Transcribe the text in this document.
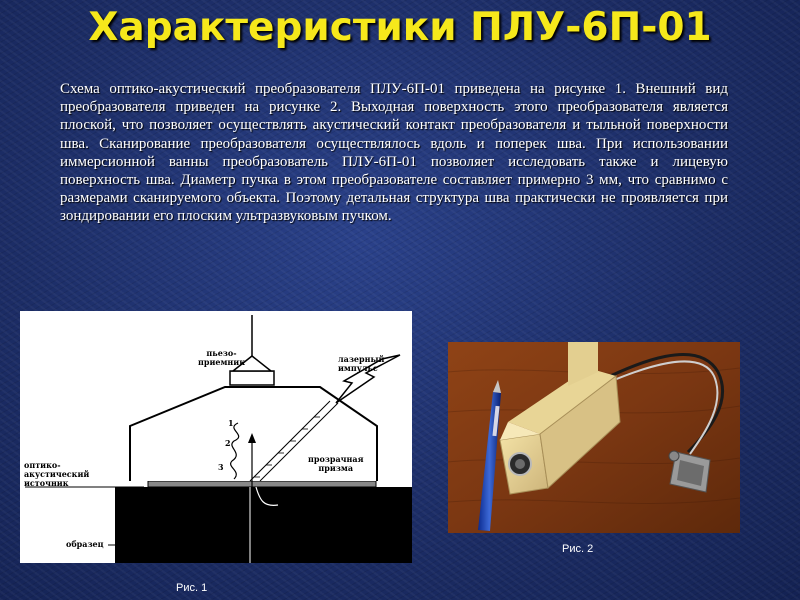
Характеристики ПЛУ-6П-01

Схема оптико-акустический преобразователя ПЛУ-6П-01 приведена на рисунке 1. Внешний вид преобразователя приведен на рисунке 2. Выходная поверхность этого преобразователя является плоской, что позволяет осуществлять акустический контакт преобразователя и тыльной поверхности шва. Сканирование преобразователя осуществлялось вдоль и поперек шва. При использовании иммерсионной ванны преобразователь ПЛУ-6П-01 позволяет исследовать также и лицевую поверхность шва. Диаметр пучка в этом преобразователе составляет примерно 3 мм, что сравнимо с размерами сканируемого объекта. Поэтому детальная структура шва практически не проявляется при зондировании его плоским ультразвуковым пучком.

пьезо-
приемник	лазерный
импульс
прозрачная
призма
оптико-
акустический
источник
образец
1
2
3
Рис. 2
Рис. 1
